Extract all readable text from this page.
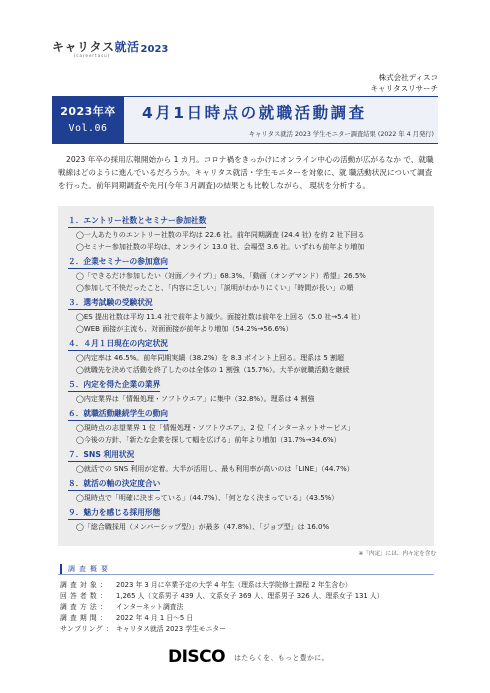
キャリタス就活 2023
(careertasu)
株式会社ディスコ
キャリタスリサーチ
2023年卒
Vol.06
4月1日時点の就職活動調査
キャリタス就活 2023 学生モニター調査結果 (2022 年 4 月発行)

2023 年卒の採用広報開始から 1 カ月。コロナ禍をきっかけにオンライン中心の活動が広がるなか で、就職戦線はどのように進んでいるだろうか。キャリタス就活・学生モニターを対象に、就 職活動状況について調査を行った。前年同期調査や先月(今年３月調査)の結果とも比較しながら、 現状を分析する。

１．エントリー社数とセミナー参加社数
◯一人あたりのエントリー社数の平均は 22.6 社。前年同期調査 (24.4 社) を約 2 社下回る
◯セミナー参加社数の平均は、オンライン 13.0 社、会場型 3.6 社。いずれも前年より増加
２．企業セミナーの参加意向
◯「できるだけ参加したい（対面／ライブ）」68.3%、「動画（オンデマンド）希望」26.5%
◯参加して不快だったこと、「内容に乏しい」「説明がわかりにくい」「時間が長い」の順
３．選考試験の受験状況
◯ES 提出社数は平均 11.4 社で前年より減少。面接社数は前年を上回る（5.0 社→5.4 社）
◯WEB 面接が主流も、対面面接が前年より増加（54.2%→56.6%）
４．４月１日現在の内定状況
◯内定率は 46.5%。前年同期実績（38.2%）を 8.3 ポイント上回る。理系は 5 割超
◯就職先を決めて活動を終了したのは全体の 1 割強（15.7%）。大半が就職活動を継続
５．内定を得た企業の業界
◯内定業界は「情報処理・ソフトウエア」に集中（32.8%）。理系は 4 割強
６．就職活動継続学生の動向
◯現時点の志望業界 1 位「情報処理・ソフトウエア」、2 位「インターネットサービス」
◯今後の方針、「新たな企業を探して幅を広げる」前年より増加（31.7%→34.6%）
７．SNS 利用状況
◯就活での SNS 利用が定着。大半が活用し、最も利用率が高いのは「LINE」（44.7%）
８．就活の軸の決定度合い
◯現時点で「明確に決まっている」（44.7%）、「何となく決まっている」（43.5%）
９．魅力を感じる採用形態
◯「総合職採用（メンバーシップ型）」が最多（47.8%）、「ジョブ型」は 16.0%
※「内定」には、内々定を含む
調査概要
調 査 対 象 ： 2023 年 3 月に卒業予定の大学 4 年生（理系は大学院修士課程 2 年生含む）
回 答 者 数 ： 1,265 人（文系男子 439 人、文系女子 369 人、理系男子 326 人、理系女子 131 人）
調 査 方 法 ： インターネット調査法
調 査 期 間 ： 2022 年 4 月 1 日～5 日
サンプリング ： キャリタス就活 2023 学生モニター
DISCO はたらくを、もっと豊かに。
